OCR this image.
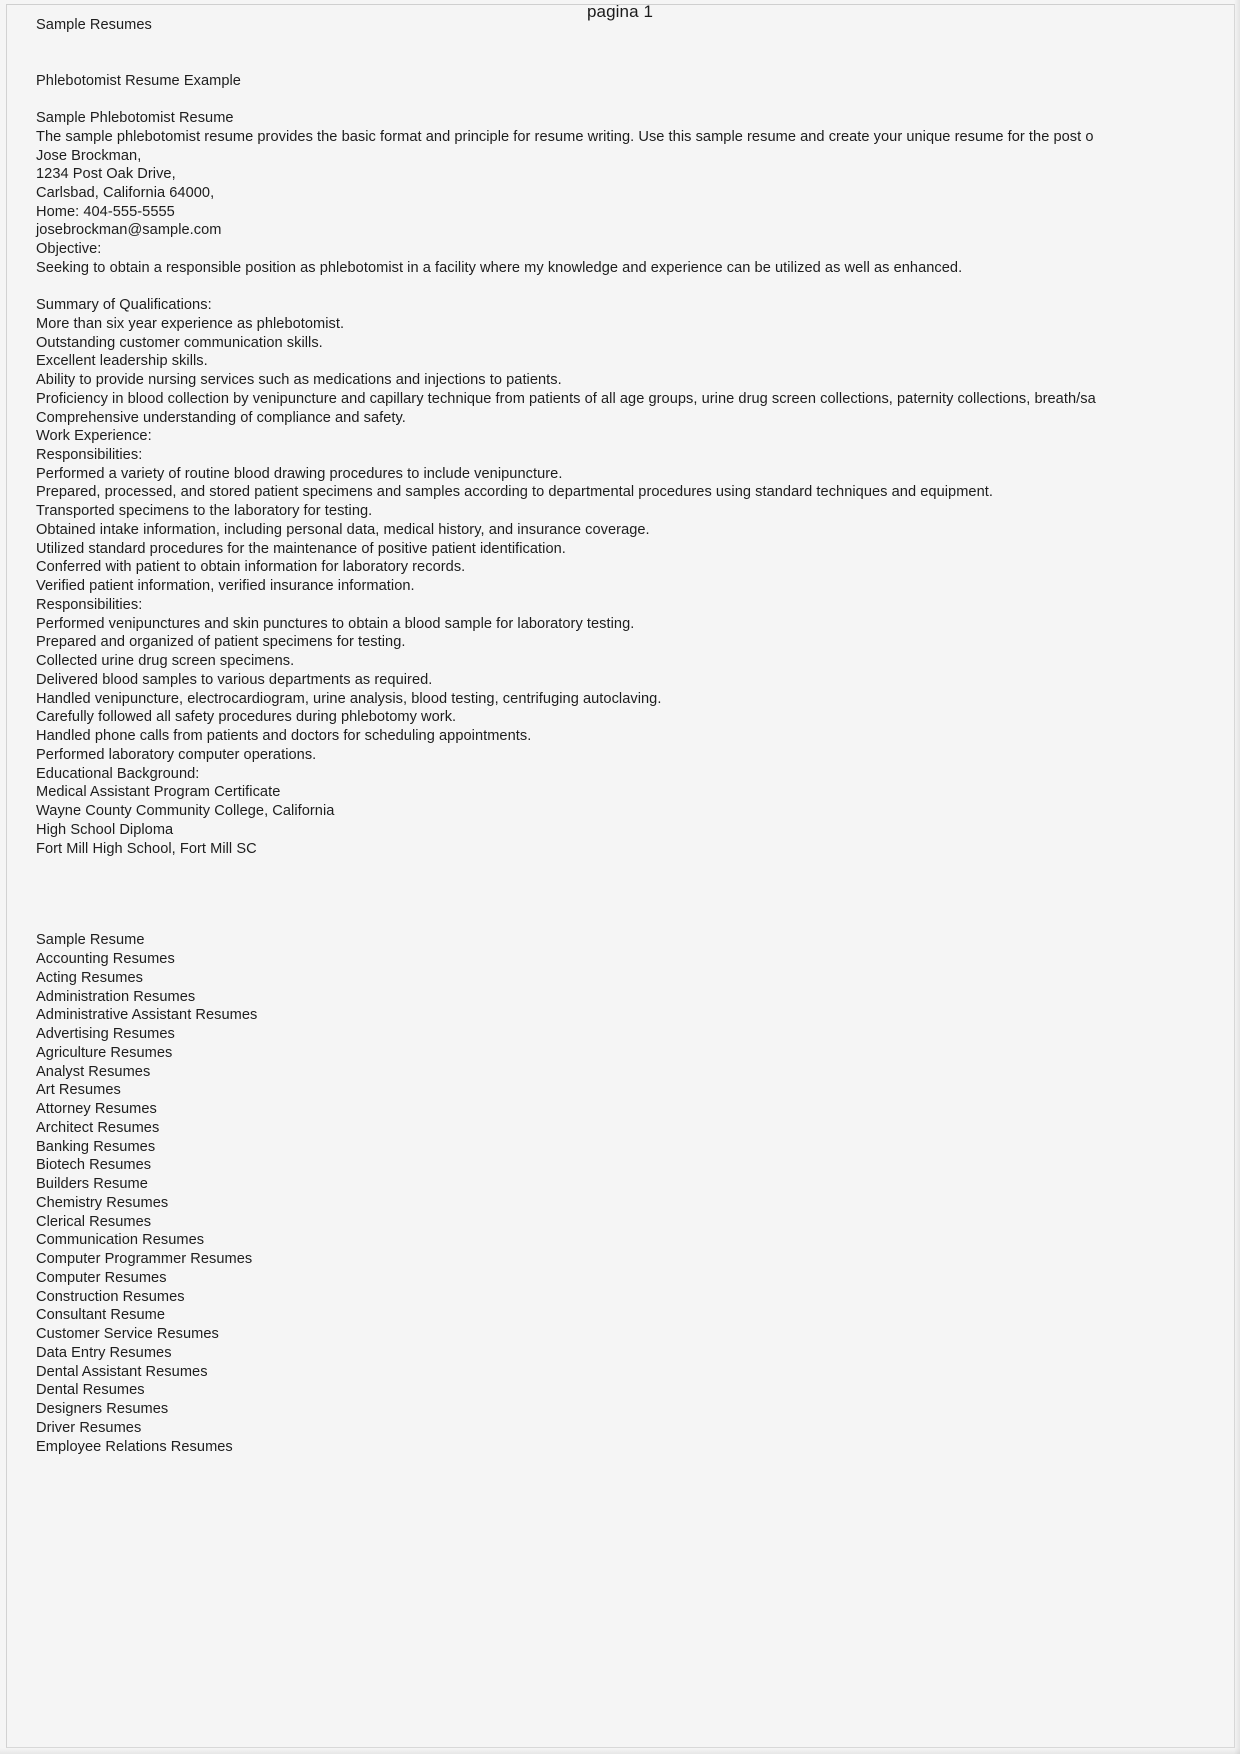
pagina 1
Sample Resumes
Phlebotomist Resume Example
Sample Phlebotomist Resume
The sample phlebotomist resume provides the basic format and principle for resume writing. Use this sample resume and create your unique resume for the post o
Jose Brockman,
1234 Post Oak Drive,
Carlsbad, California 64000,
Home: 404-555-5555
josebrockman@sample.com
Objective:
Seeking to obtain a responsible position as phlebotomist in a facility where my knowledge and experience can be utilized as well as enhanced.
Summary of Qualifications:
More than six year experience as phlebotomist.
Outstanding customer communication skills.
Excellent leadership skills.
Ability to provide nursing services such as medications and injections to patients.
Proficiency in blood collection by venipuncture and capillary technique from patients of all age groups, urine drug screen collections, paternity collections, breath/sa
Comprehensive understanding of compliance and safety.
Work Experience:
Responsibilities:
Performed a variety of routine blood drawing procedures to include venipuncture.
Prepared, processed, and stored patient specimens and samples according to departmental procedures using standard techniques and equipment.
Transported specimens to the laboratory for testing.
Obtained intake information, including personal data, medical history, and insurance coverage.
Utilized standard procedures for the maintenance of positive patient identification.
Conferred with patient to obtain information for laboratory records.
Verified patient information, verified insurance information.
Responsibilities:
Performed venipunctures and skin punctures to obtain a blood sample for laboratory testing.
Prepared and organized of patient specimens for testing.
Collected urine drug screen specimens.
Delivered blood samples to various departments as required.
Handled venipuncture, electrocardiogram, urine analysis, blood testing, centrifuging autoclaving.
Carefully followed all safety procedures during phlebotomy work.
Handled phone calls from patients and doctors for scheduling appointments.
Performed laboratory computer operations.
Educational Background:
Medical Assistant Program Certificate
Wayne County Community College, California
High School Diploma
Fort Mill High School, Fort Mill SC
Sample Resume
Accounting Resumes
Acting Resumes
Administration Resumes
Administrative Assistant Resumes
Advertising Resumes
Agriculture Resumes
Analyst Resumes
Art Resumes
Attorney Resumes
Architect Resumes
Banking Resumes
Biotech Resumes
Builders Resume
Chemistry Resumes
Clerical Resumes
Communication Resumes
Computer Programmer Resumes
Computer Resumes
Construction Resumes
Consultant Resume
Customer Service Resumes
Data Entry Resumes
Dental Assistant Resumes
Dental Resumes
Designers Resumes
Driver Resumes
Employee Relations Resumes
